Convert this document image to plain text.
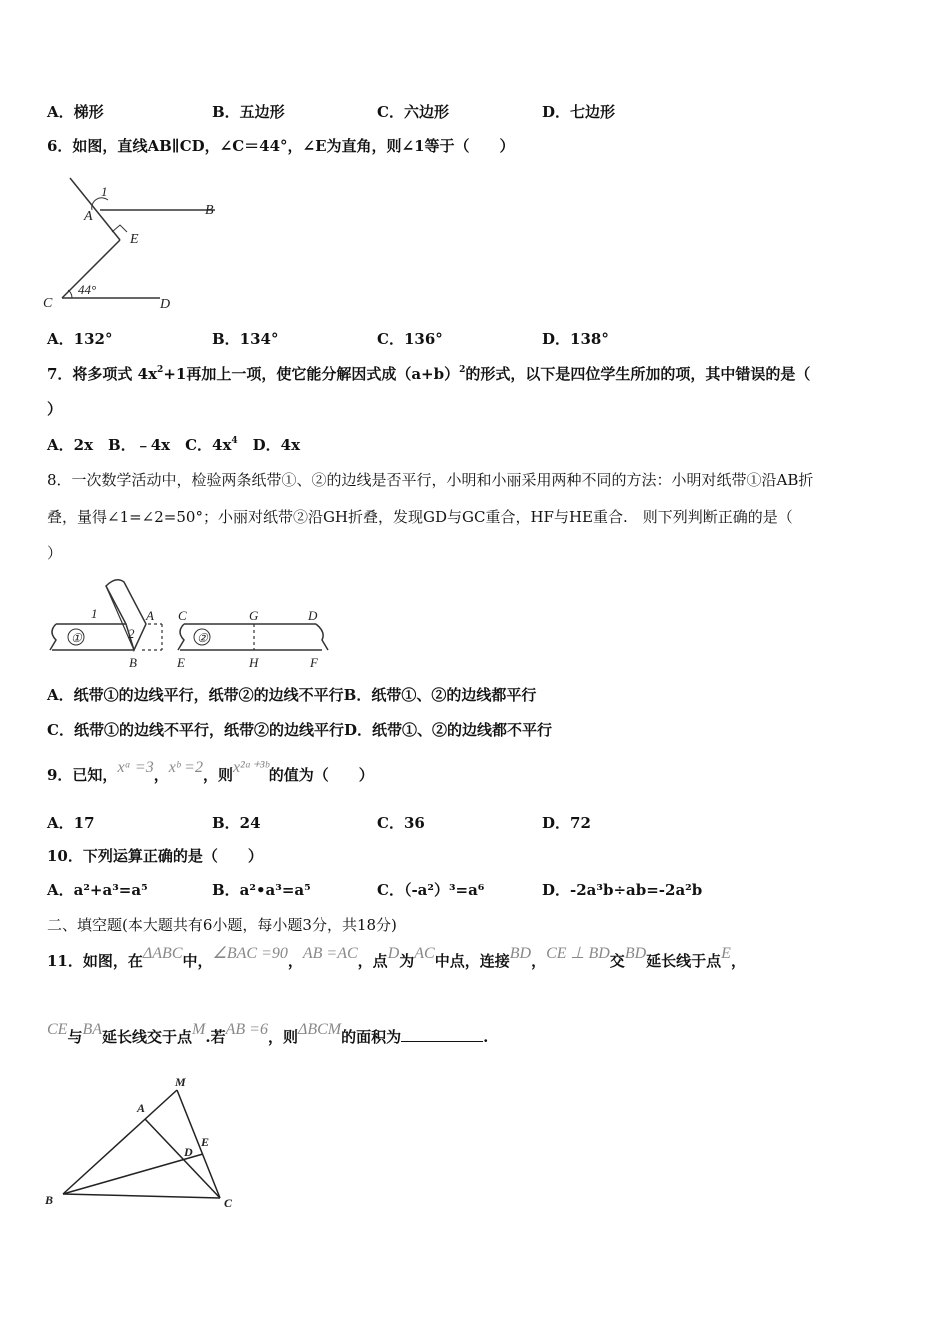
A．梯形	B．五边形	C．六边形	D．七边形
6．如图，直线AB∥CD，∠C＝44°，∠E为直角，则∠1等于（　　）
1
A	B
E
C	D
44°
A．132°	B．134°	C．136°	D．138°
7．将多项式 $4x^2+1$再加上一项，使它能分解因式成$(a+b)^2$的形式，以下是四位学生所加的项，其中错误的是（
）
A．2x　B．﹣4x　C．$4x^4$　D．4x
8．一次数学活动中，检验两条纸带①、②的边线是否平行，小明和小丽采用两种不同的方法：小明对纸带①沿AB折
叠，量得∠1=∠2=50°；小丽对纸带②沿GH折叠，发现GD与GC重合，HF与HE重合.　则下列判断正确的是（
）
①
1
2
A
B
②
C	G	D
E	H	F
A．纸带①的边线平行，纸带②的边线不平行B．纸带①、②的边线都平行
C．纸带①的边线不平行，纸带②的边线平行D．纸带①、②的边线都不平行
9．已知，xᵃ =3，xᵇ =2，则x²ᵃ⁺³ᵇ的值为（　　）
A．17	B．24	C．36	D．72
10．下列运算正确的是（　　）
A．a²+a³=a⁵	B．a²•a³=a⁵	C．（-a²）³=a⁶	D．-2a³b÷ab=-2a²b
二、填空题(本大题共有6小题，每小题3分，共18分)
11．如图，在ΔABC中，∠BAC =90，AB =AC，点D为AC中点，连接BD，CE ⊥ BD交BD延长线于点E，
CE与BA延长线交于点M.若AB =6，则ΔBCM的面积为	.
M
A
E
D
B	C
